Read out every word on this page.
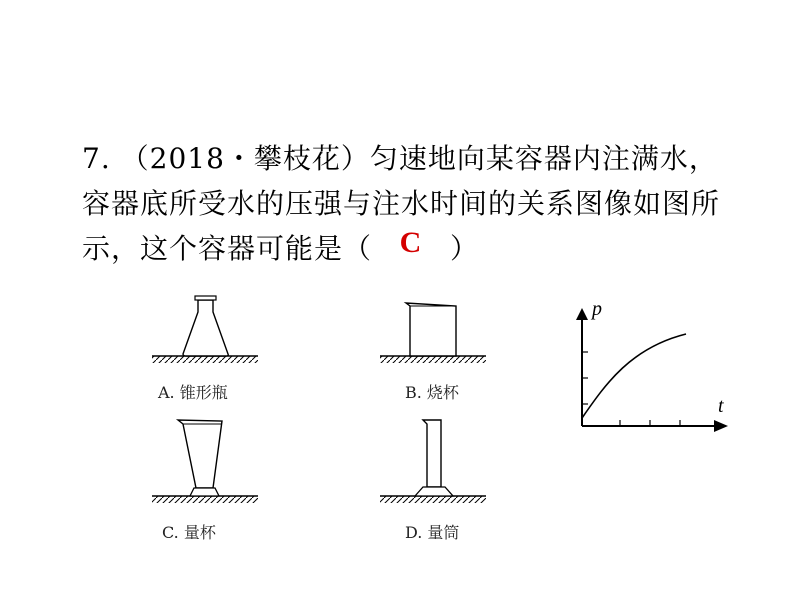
7. （2018・攀枝花）匀速地向某容器内注满水，容器底所受水的压强与注水时间的关系图像如图所示，这个容器可能是（ C ）
A. 锥形瓶	B. 烧杯
C. 量杯	D. 量筒
p
t
